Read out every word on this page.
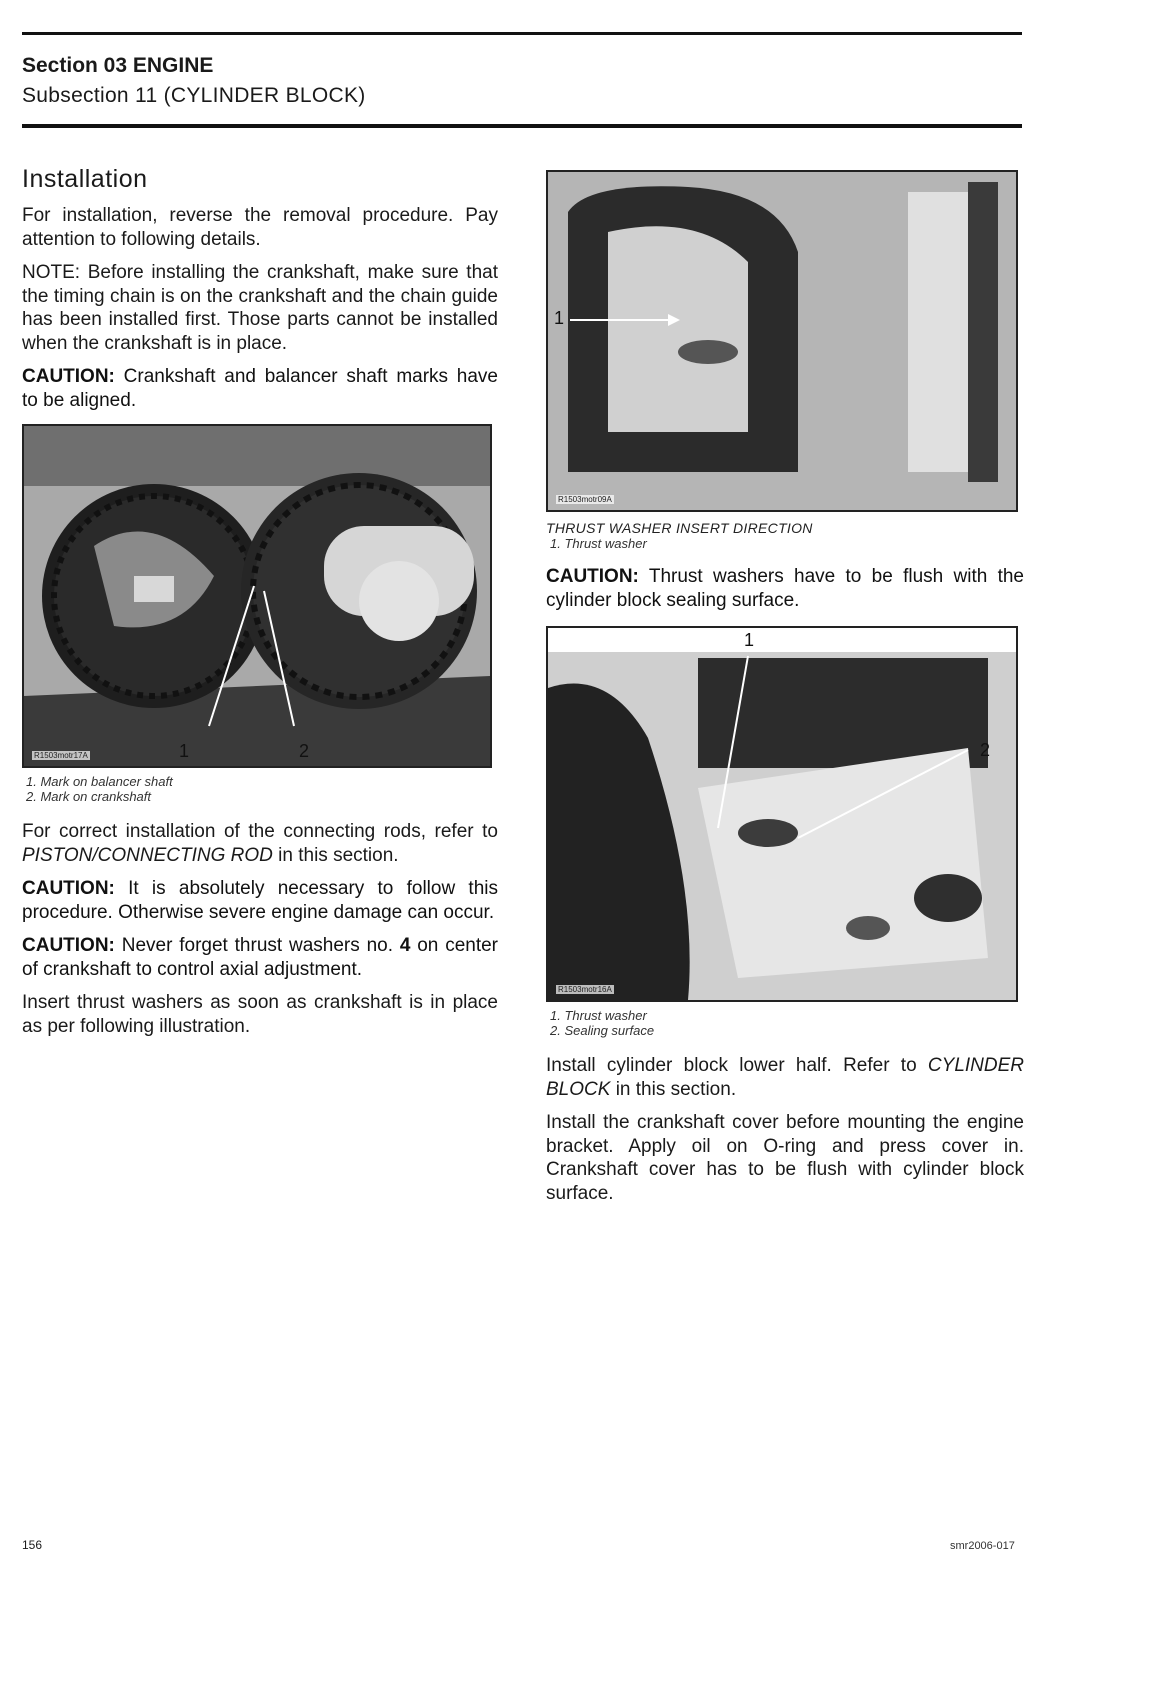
Section 03 ENGINE
Subsection 11 (CYLINDER BLOCK)
Installation

For installation, reverse the removal procedure. Pay attention to following details.

NOTE: Before installing the crankshaft, make sure that the timing chain is on the crankshaft and the chain guide has been installed first. Those parts cannot be installed when the crankshaft is in place.

CAUTION: Crankshaft and balancer shaft marks have to be aligned.

R1503motr17A	1	2
1. Mark on balancer shaft
2. Mark on crankshaft

For correct installation of the connecting rods, refer to PISTON/CONNECTING ROD in this section.

CAUTION: It is absolutely necessary to follow this procedure. Otherwise severe engine damage can occur.

CAUTION: Never forget thrust washers no. 4 on center of crankshaft to control axial adjustment.

Insert thrust washers as soon as crankshaft is in place as per following illustration.

R1503motr09A
1
THRUST WASHER INSERT DIRECTION
1. Thrust washer

CAUTION: Thrust washers have to be flush with the cylinder block sealing surface.

R1503motr16A
1
2
1. Thrust washer
2. Sealing surface

Install cylinder block lower half. Refer to CYLINDER BLOCK in this section.

Install the crankshaft cover before mounting the engine bracket. Apply oil on O-ring and press cover in. Crankshaft cover has to be flush with cylinder block surface.

156	smr2006-017
